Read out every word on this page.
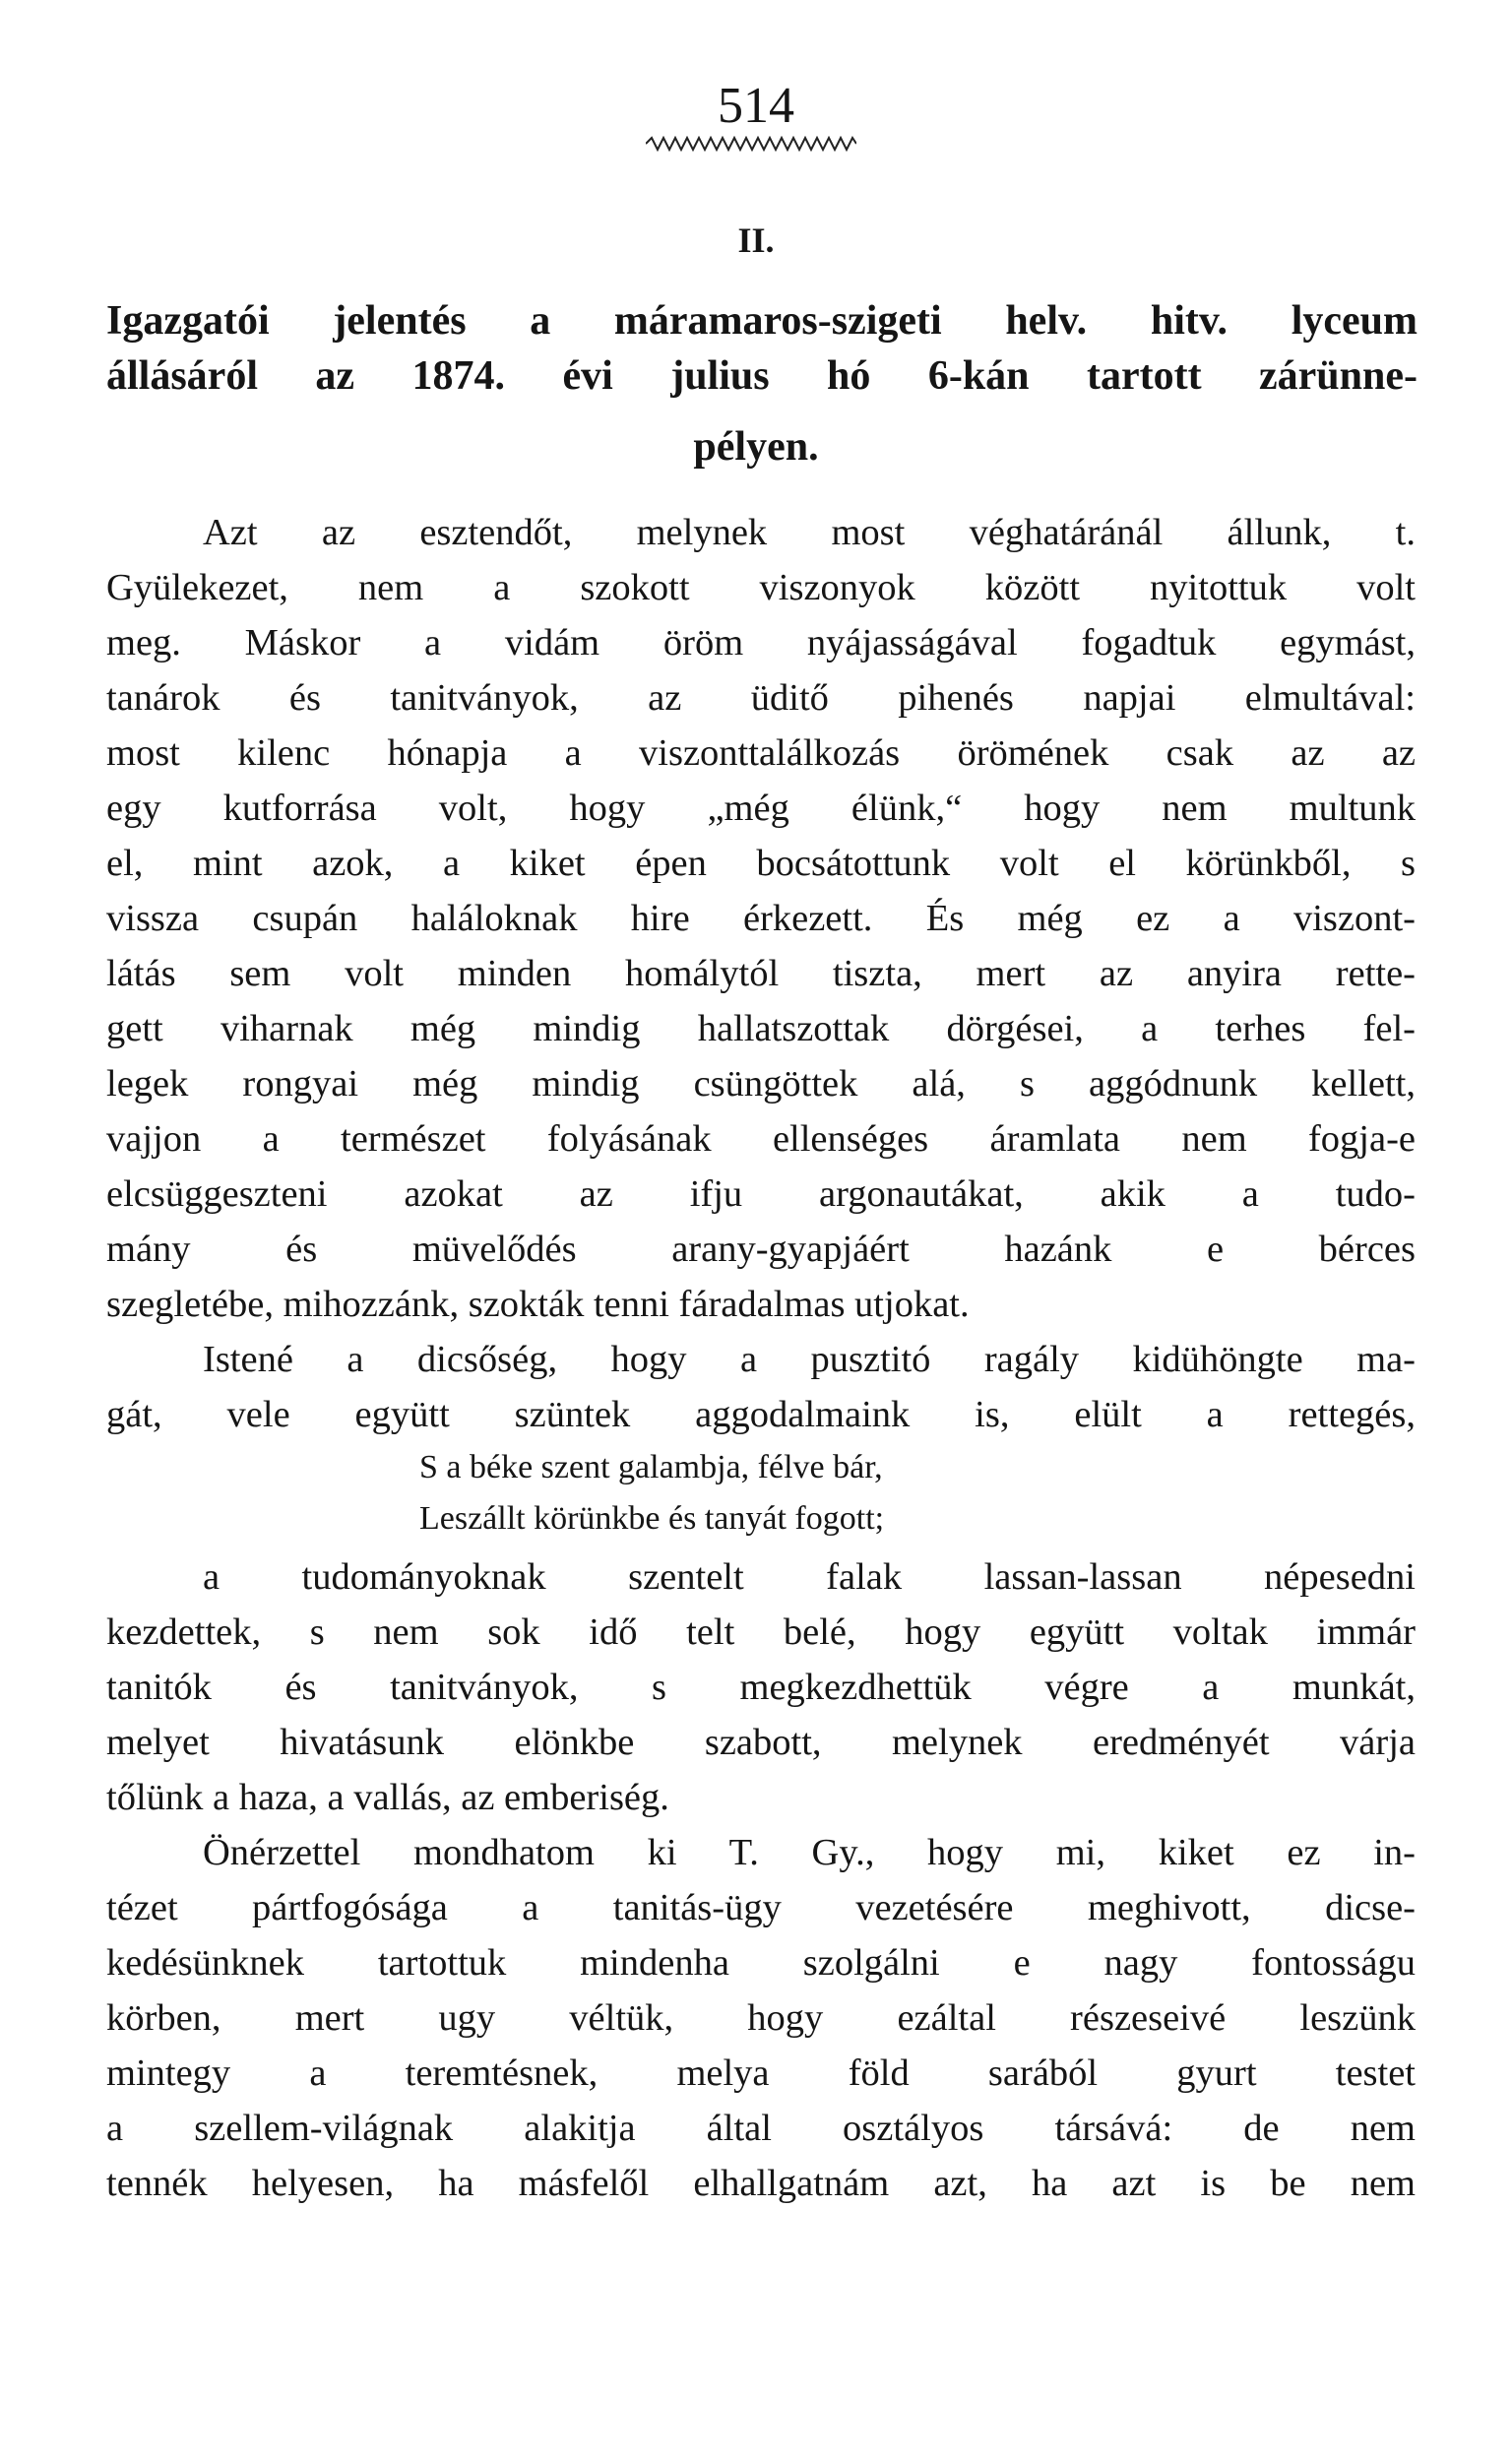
514
II.
Igazgatói jelentés a máramaros-szigeti helv. hitv. lyceum
állásáról az 1874. évi julius hó 6-kán tartott zárünne-
pélyen.
Azt az esztendőt, melynek most véghatáránál állunk, t.
Gyülekezet, nem a szokott viszonyok között nyitottuk volt
meg. Máskor a vidám öröm nyájasságával fogadtuk egymást,
tanárok és tanitványok, az üditő pihenés napjai elmultával:
most kilenc hónapja a viszonttalálkozás örömének csak az az
egy kutforrása volt, hogy „még élünk,“ hogy nem multunk
el, mint azok, a kiket épen bocsátottunk volt el körünkből, s
vissza csupán haláloknak hire érkezett. És még ez a viszont-
látás sem volt minden homálytól tiszta, mert az anyira rette-
gett viharnak még mindig hallatszottak dörgései, a terhes fel-
legek rongyai még mindig csüngöttek alá, s aggódnunk kellett,
vajjon a természet folyásának ellenséges áramlata nem fogja-e
elcsüggeszteni azokat az ifju argonautákat, akik a tudo-
mány és müvelődés arany-gyapjáért hazánk e bérces
szegletébe, mihozzánk, szokták tenni fáradalmas utjokat.
Istené a dicsőség, hogy a pusztitó ragály kidühöngte ma-
gát, vele együtt szüntek aggodalmaink is, elült a rettegés,
S a béke szent galambja, félve bár,
Leszállt körünkbe és tanyát fogott;
a tudományoknak szentelt falak lassan-lassan népesedni
kezdettek, s nem sok idő telt belé, hogy együtt voltak immár
tanitók és tanitványok, s megkezdhettük végre a munkát,
melyet hivatásunk elönkbe szabott, melynek eredményét várja
tőlünk a haza, a vallás, az emberiség.
Önérzettel mondhatom ki T. Gy., hogy mi, kiket ez in-
tézet pártfogósága a tanitás-ügy vezetésére meghivott, dicse-
kedésünknek tartottuk mindenha szolgálni e nagy fontosságu
körben, mert ugy véltük, hogy ezáltal részeseivé leszünk
mintegy a teremtésnek, melya föld sarából gyurt testet
a szellem-világnak alakitja által osztályos társává: de nem
tennék helyesen, ha másfelől elhallgatnám azt, ha azt is be nem
